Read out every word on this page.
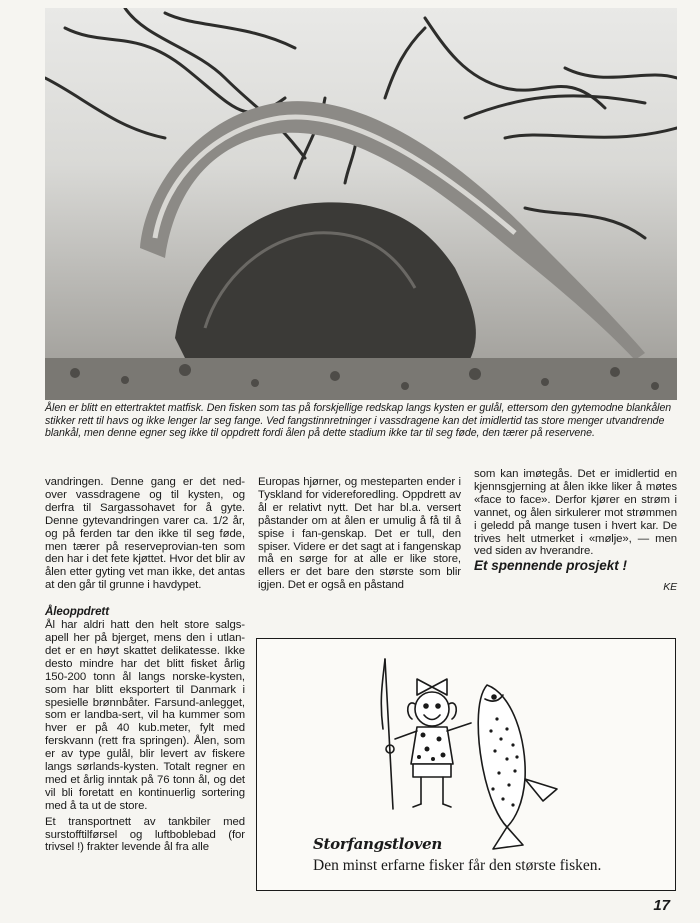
Ålen er blitt en ettertraktet matfisk. Den fisken som tas på forskjellige redskap langs kysten er gulål, ettersom den gytemodne blankålen stikker rett til havs og ikke lenger lar seg fange. Ved fangstinnretninger i vassdragene kan det imidlertid tas store menger utvandrende blankål, men denne egner seg ikke til oppdrett fordi ålen på dette stadium ikke tar til seg føde, den tærer på reservene.

vandringen. Denne gang er det ned-over vassdragene og til kysten, og derfra til Sargassohavet for å gyte. Denne gytevandringen varer ca. 1/2 år, og på ferden tar den ikke til seg føde, men tærer på reserveprovian-ten som den har i det fete kjøttet. Hvor det blir av ålen etter gyting vet man ikke, det antas at den går til grunne i havdypet.

Åleoppdrett

Ål har aldri hatt den helt store salgs-apell her på bjerget, mens den i utlan-det er en høyt skattet delikatesse. Ikke desto mindre har det blitt fisket årlig 150-200 tonn ål langs norske-kysten, som har blitt eksportert til Danmark i spesielle brønnbåter. Farsund-anlegget, som er landba-sert, vil ha kummer som hver er på 40 kub.meter, fylt med ferskvann (rett fra springen). Ålen, som er av type gulål, blir levert av fiskere langs sørlands-kysten. Totalt regner en med et årlig inntak på 76 tonn ål, og det vil bli foretatt en kontinuerlig sortering med å ta ut de store.

Et transportnett av tankbiler med surstofftilførsel og luftboblebad (for trivsel !) frakter levende ål fra alle

Europas hjørner, og mesteparten ender i Tyskland for videreforedling. Oppdrett av ål er relativt nytt. Det har bl.a. versert påstander om at ålen er umulig å få til å spise i fan-genskap. Det er tull, den spiser. Videre er det sagt at i fangenskap må en sørge for at alle er like store, ellers er det bare den største som blir igjen. Det er også en påstand

som kan imøtegås. Det er imidlertid en kjennsgjerning at ålen ikke liker å møtes «face to face». Derfor kjører en strøm i vannet, og ålen sirkulerer mot strømmen i geledd på mange tusen i hvert kar. De trives helt utmerket i «mølje», — men ved siden av hverandre.

Et spennende prosjekt !
KE
Storfangstloven
Den minst erfarne fisker får den største fisken.
17
